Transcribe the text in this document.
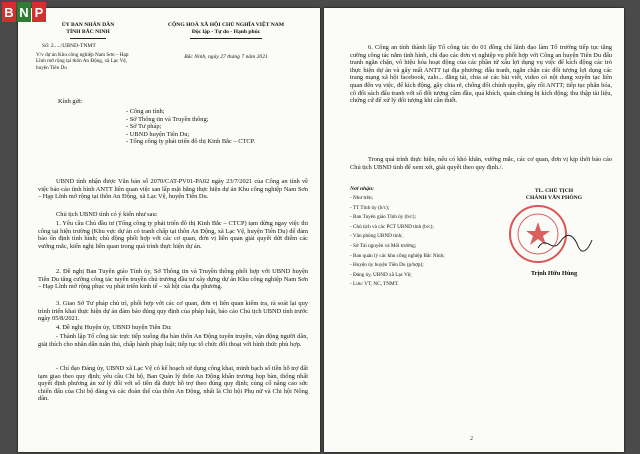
B N P
ỦY BAN NHÂN DÂN
TỈNH BẮC NINH
Số: 2...../UBND-TNMT
V/v dự án Khu công nghiệp Nam Sơn – Hạp Lĩnh mở rộng tại thôn An Động, xã Lạc Vệ, huyện Tiên Du
CỘNG HOÀ XÃ HỘI CHỦ NGHĨA VIỆT NAM
Độc lập - Tự do - Hạnh phúc
Bắc Ninh, ngày 27 tháng 7 năm 2021
Kính gửi:
- Công an tỉnh;
- Sở Thông tin và Truyền thông;
- Sở Tư pháp;
- UBND huyện Tiên Du;
- Tổng công ty phát triển đô thị Kinh Bắc – CTCP.
UBND tỉnh nhận được Văn bản số 2070/CAT-PV01-PA02 ngày 23/7/2021 của Công an tỉnh về việc báo cáo tình hình ANTT liên quan việc san lấp mặt bằng thực hiện dự án Khu công nghiệp Nam Sơn – Hạp Lĩnh mở rộng tại thôn An Động, xã Lạc Vệ, huyện Tiên Du.
Chủ tịch UBND tỉnh có ý kiến như sau:
1. Yêu cầu Chủ đầu tư (Tổng công ty phát triển đô thị Kinh Bắc – CTCP) tạm dừng ngay việc thi công tại hiện trường (Khu vực dự án có tranh chấp tại thôn An Động, xã Lạc Vệ, huyện Tiên Du) để đảm bảo ổn định tình hình; chủ động phối hợp với các cơ quan, đơn vị liên quan giải quyết dứt điểm các vướng mắc, kiến nghị liên quan trong quá trình thực hiện dự án.
2. Đề nghị Ban Tuyên giáo Tỉnh ủy, Sở Thông tin và Truyền thông phối hợp với UBND huyện Tiên Du tăng cường công tác tuyên truyền chủ trương đầu tư xây dựng dự án Khu công nghiệp Nam Sơn – Hạp Lĩnh mở rộng phục vụ phát triển kinh tế – xã hội của địa phương.
3. Giao Sở Tư pháp chủ trì, phối hợp với các cơ quan, đơn vị liên quan kiểm tra, rà soát lại quy trình triển khai thực hiện dự án đảm bảo đúng quy định của pháp luật, báo cáo Chủ tịch UBND tỉnh trước ngày 05/8/2021.
4. Đề nghị Huyện ủy, UBND huyện Tiên Du:
- Thành lập Tổ công tác trực tiếp xuống địa bàn thôn An Động tuyên truyền, vận động người dân, giải thích cho nhân dân tuân thủ, chấp hành pháp luật; tiếp tục tổ chức đối thoại với hình thức phù hợp.
- Chỉ đạo Đảng ủy, UBND xã Lạc Vệ có kế hoạch sử dụng công khai, minh bạch số tiền hỗ trợ đất tạm giao theo quy định; yêu cầu Chi bộ, Ban Quản lý thôn An Động khẩn trương họp bàn, thống nhất quyết định phương án xử lý đối với số tiền đã được hỗ trợ theo đúng quy định; củng cố nâng cao sức chiến đấu của Chi bộ đảng và các đoàn thể của thôn An Động, nhất là Chi hội Phụ nữ và Chi hội Nông dân.
6. Công an tỉnh thành lập Tổ công tác do 01 đồng chí lãnh đạo làm Tổ trưởng tiếp tục tăng cường công tác nắm tình hình, chỉ đạo các đơn vị nghiệp vụ phối hợp với Công an huyện Tiên Du đấu tranh ngăn chặn, vô hiệu hóa hoạt động của các phần tử xấu lợi dụng vụ việc để kích động các trò thực hiện dự án và gây mất ANTT tại địa phương; đấu tranh, ngăn chặn các đối tượng lợi dụng các trang mạng xã hội facebook, zalo... đăng tải, chia sẻ các bài viết, video có nội dung xuyên tạc liên quan đến vụ việc, để kích động, gây chia rẽ, chống đối chính quyền, gây rối ANTT; tiếp tục phân hóa, cô đối sách đấu tranh với số đối tượng cầm đầu, quá khích, quản chúng bị kích động; thu thập tài liệu, chứng cứ để xử lý đối tượng khi cần thiết.
Trong quá trình thực hiện, nếu có khó khăn, vướng mắc, các cơ quan, đơn vị kịp thời báo cáo Chủ tịch UBND tỉnh để xem xét, giải quyết theo quy định./.
Nơi nhận:
- Như trên;
- TT Tỉnh ủy (b/c);
- Ban Tuyên giáo Tỉnh ủy (b/c);
- Chủ tịch và các PCT UBND tỉnh (b/c);
- Văn phòng UBND tỉnh;
- Sở Tài nguyên và Môi trường;
- Ban quản lý các khu công nghiệp Bắc Ninh;
- Huyện ủy huyện Tiên Du (p/hợp);
- Đảng ủy, UBND xã Lạc Vệ;
- Lưu: VT, NC, TNMT.
TL. CHỦ TỊCH
CHÁNH VĂN PHÒNG
Trịnh Hữu Hùng
2
